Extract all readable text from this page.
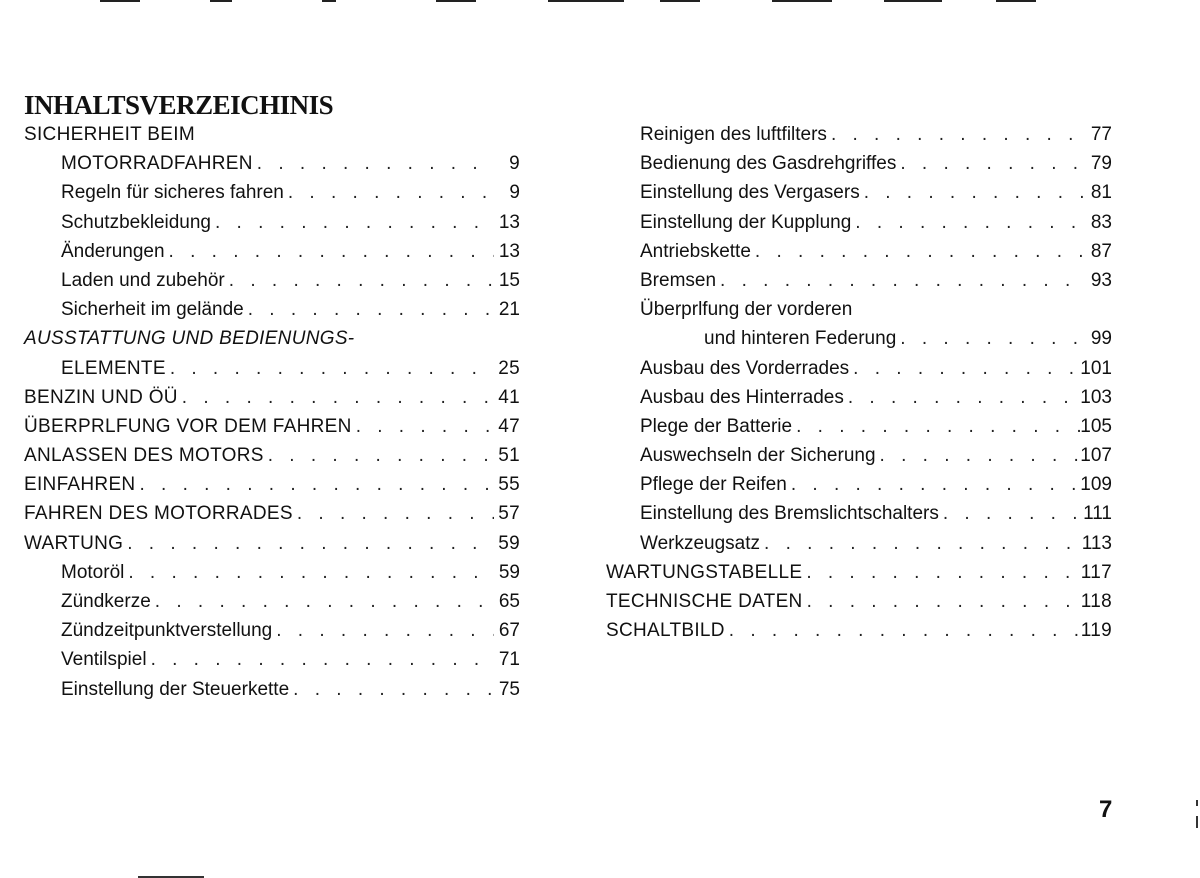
INHALTSVERZEICHINIS
SICHERHEIT BEIM
MOTORRADFAHREN . . .	9
Regeln für sicheres fahren . . .	9
Schutzbekleidung . . .	13
Änderungen . . .	13
Laden und zubehör . . .	15
Sicherheit im gelände . . .	21
AUSSTATTUNG UND BEDIENUNGS-
ELEMENTE . . .	25
BENZIN UND ÖÜ . . .	41
ÜBERPRLFUNG VOR DEM FAHREN . . .	47
ANLASSEN DES MOTORS . . .	51
EINFAHREN . . .	55
FAHREN DES MOTORRADES . . .	57
WARTUNG . . .	59
Motoröl . . .	59
Zündkerze . . .	65
Zündzeitpunktverstellung . . .	67
Ventilspiel . . .	71
Einstellung der Steuerkette . . .	75
Reinigen des luftfilters . . .	77
Bedienung des Gasdrehgriffes . . .	79
Einstellung des Vergasers . . .	81
Einstellung der Kupplung . . .	83
Antriebskette . . .	87
Bremsen . . .	93
Überprlfung der vorderen
und hinteren Federung . . .	99
Ausbau des Vorderrades . . .	101
Ausbau des Hinterrades . . .	103
Plege der Batterie . . .	105
Auswechseln der Sicherung . . .	107
Pflege der Reifen . . .	109
Einstellung des Bremslichtschalters . . .	111
Werkzeugsatz . . .	113
WARTUNGSTABELLE . . .	117
TECHNISCHE DATEN . . .	118
SCHALTBILD . . .	119
7
